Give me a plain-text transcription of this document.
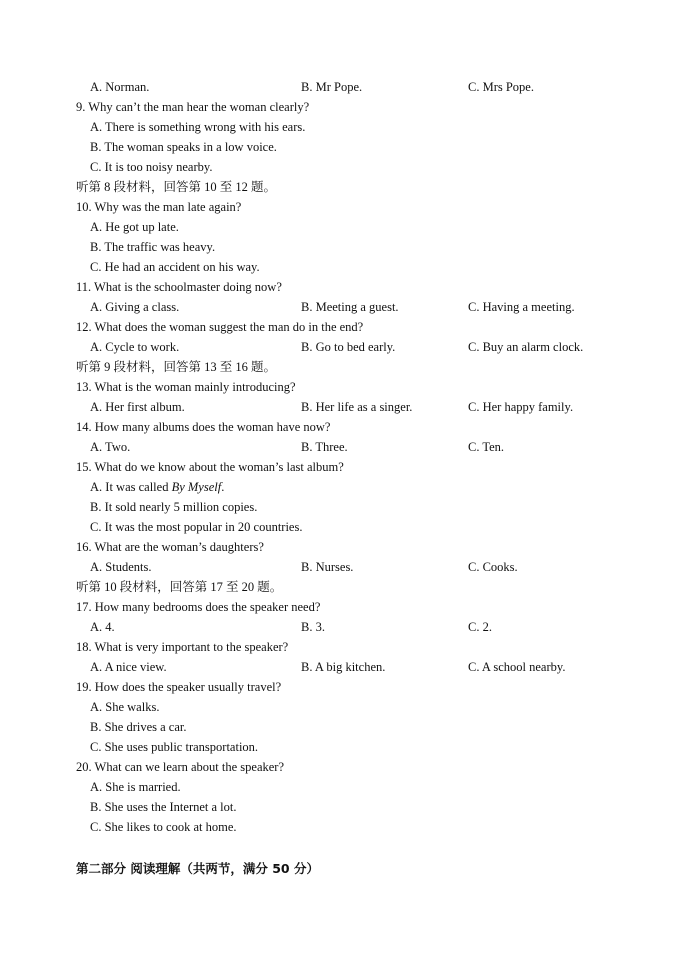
A. Norman.	B. Mr Pope.	C. Mrs Pope.
9. Why can’t the man hear the woman clearly?
A. There is something wrong with his ears.
B. The woman speaks in a low voice.
C. It is too noisy nearby.
听第 8 段材料，回答第 10 至 12 题。
10. Why was the man late again?
A. He got up late.
B. The traffic was heavy.
C. He had an accident on his way.
11. What is the schoolmaster doing now?
A. Giving a class.	B. Meeting a guest.	C. Having a meeting.
12. What does the woman suggest the man do in the end?
A. Cycle to work.	B. Go to bed early.	C. Buy an alarm clock.
听第 9 段材料，回答第 13 至 16 题。
13. What is the woman mainly introducing?
A. Her first album.	B. Her life as a singer.	C. Her happy family.
14. How many albums does the woman have now?
A. Two.	B. Three.	C. Ten.
15. What do we know about the woman’s last album?
A. It was called By Myself.
B. It sold nearly 5 million copies.
C. It was the most popular in 20 countries.
16. What are the woman’s daughters?
A. Students.	B. Nurses.	C. Cooks.
听第 10 段材料，回答第 17 至 20 题。
17. How many bedrooms does the speaker need?
A. 4.	B. 3.	C. 2.
18. What is very important to the speaker?
A. A nice view.	B. A big kitchen.	C. A school nearby.
19. How does the speaker usually travel?
A. She walks.
B. She drives a car.
C. She uses public transportation.
20. What can we learn about the speaker?
A. She is married.
B. She uses the Internet a lot.
C. She likes to cook at home.
第二部分 阅读理解（共两节，满分 50 分）
